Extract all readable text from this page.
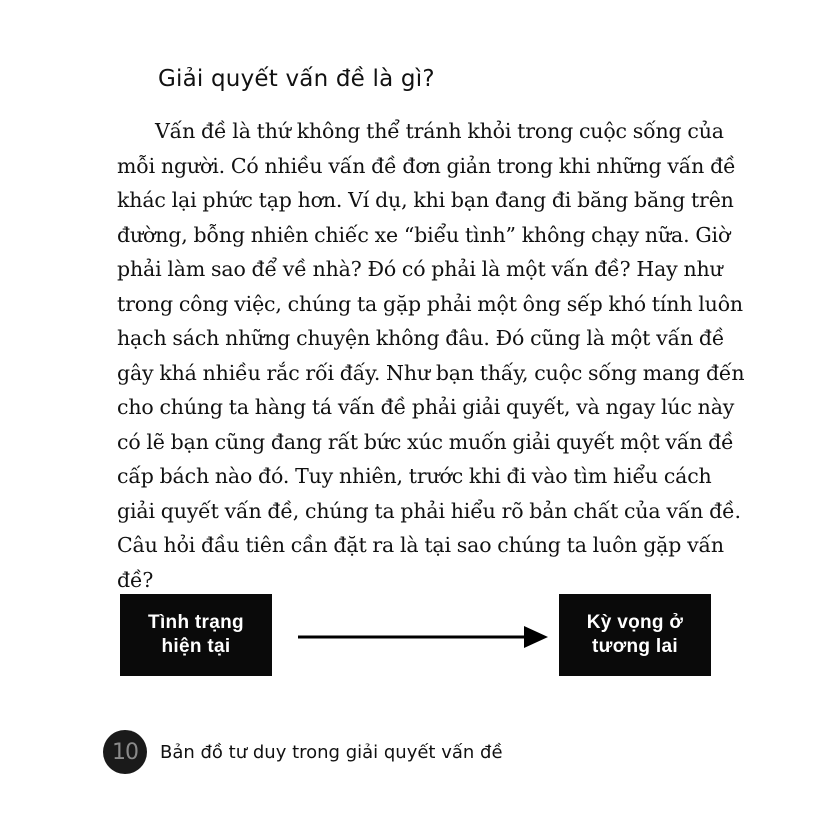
Giải quyết vấn đề là gì?

Vấn đề là thứ không thể tránh khỏi trong cuộc sống của mỗi người. Có nhiều vấn đề đơn giản trong khi những vấn đề khác lại phức tạp hơn. Ví dụ, khi bạn đang đi băng băng trên đường, bỗng nhiên chiếc xe “biểu tình” không chạy nữa. Giờ phải làm sao để về nhà? Đó có phải là một vấn đề? Hay như trong công việc, chúng ta gặp phải một ông sếp khó tính luôn hạch sách những chuyện không đâu. Đó cũng là một vấn đề gây khá nhiều rắc rối đấy. Như bạn thấy, cuộc sống mang đến cho chúng ta hàng tá vấn đề phải giải quyết, và ngay lúc này có lẽ bạn cũng đang rất bức xúc muốn giải quyết một vấn đề cấp bách nào đó. Tuy nhiên, trước khi đi vào tìm hiểu cách giải quyết vấn đề, chúng ta phải hiểu rõ bản chất của vấn đề. Câu hỏi đầu tiên cần đặt ra là tại sao chúng ta luôn gặp vấn đề?

Tình trạng hiện tại
Kỳ vọng ở tương lai
10	Bản đồ tư duy trong giải quyết vấn đề
